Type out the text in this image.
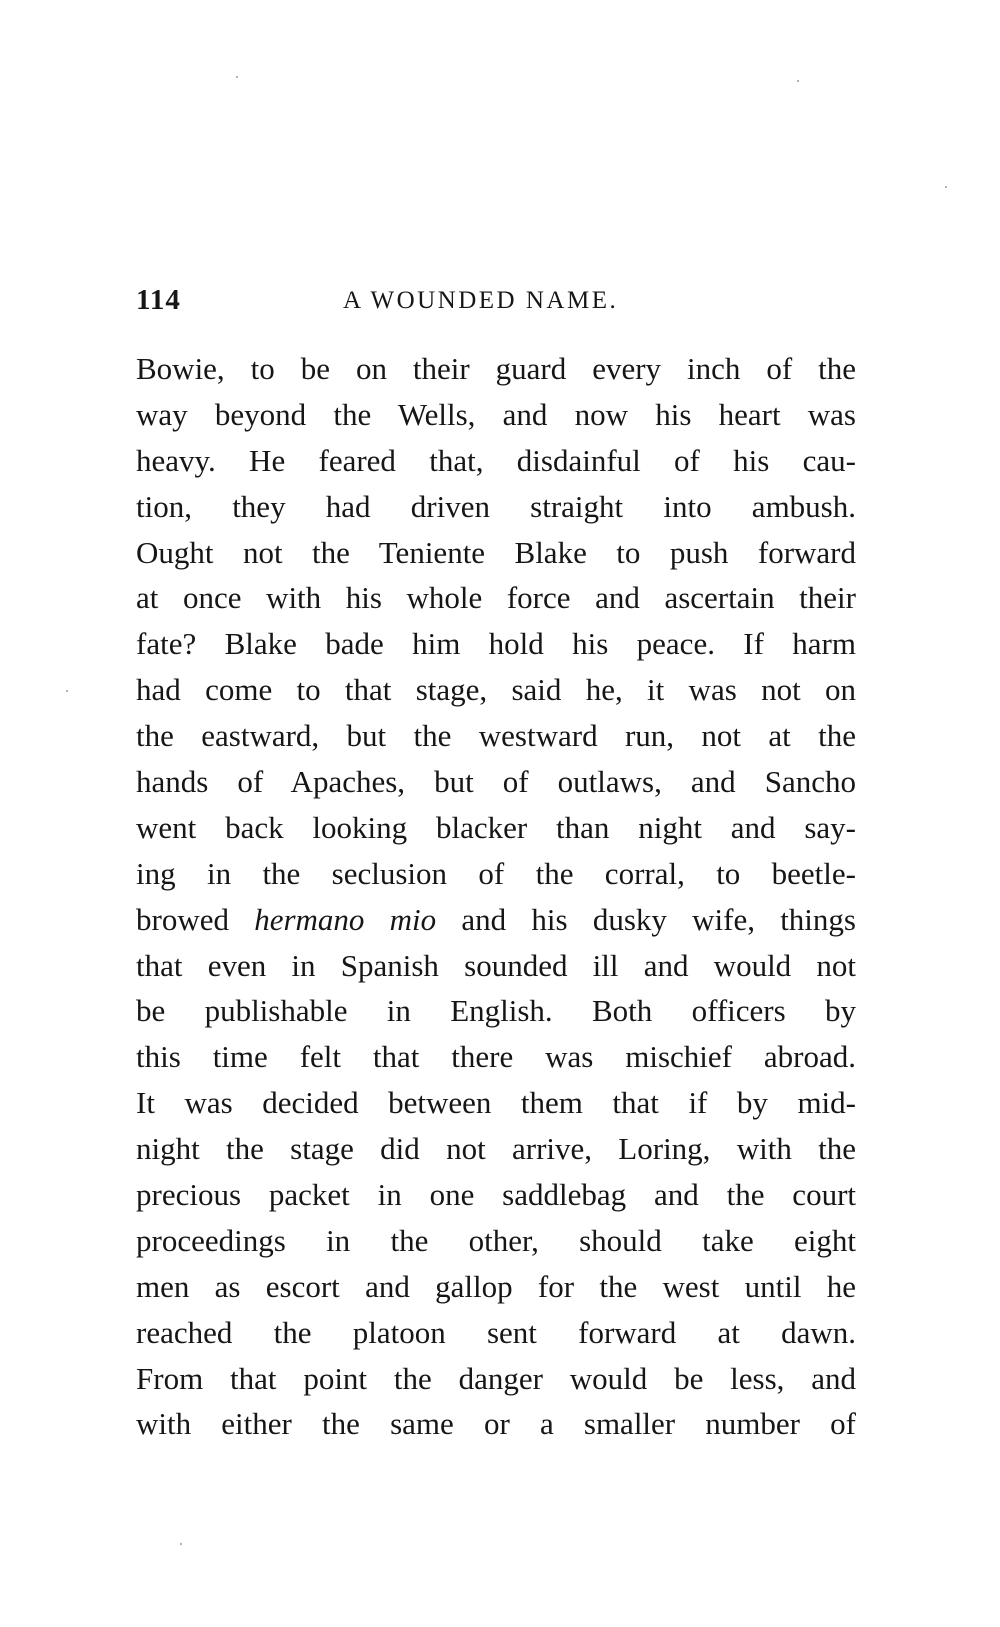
114	A WOUNDED NAME.
Bowie, to be on their guard every inch of the
way beyond the Wells, and now his heart was
heavy. He feared that, disdainful of his cau-
tion, they had driven straight into ambush.
Ought not the Teniente Blake to push forward
at once with his whole force and ascertain their
fate? Blake bade him hold his peace. If harm
had come to that stage, said he, it was not on
the eastward, but the westward run, not at the
hands of Apaches, but of outlaws, and Sancho
went back looking blacker than night and say-
ing in the seclusion of the corral, to beetle-
browed hermano mio and his dusky wife, things
that even in Spanish sounded ill and would not
be publishable in English. Both officers by
this time felt that there was mischief abroad.
It was decided between them that if by mid-
night the stage did not arrive, Loring, with the
precious packet in one saddlebag and the court
proceedings in the other, should take eight
men as escort and gallop for the west until he
reached the platoon sent forward at dawn.
From that point the danger would be less, and
with either the same or a smaller number of
